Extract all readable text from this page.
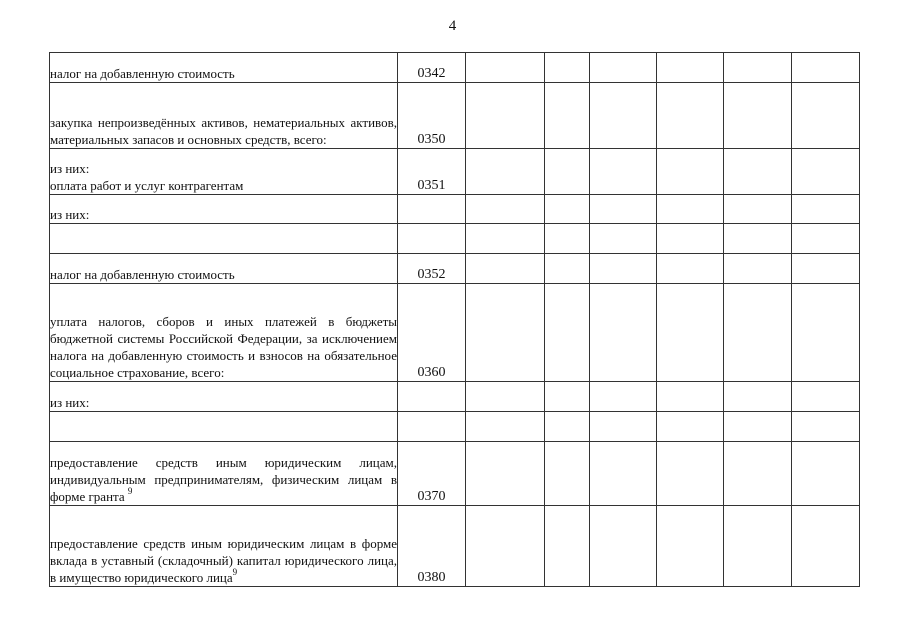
4
налог на добавленную стоимость	0342						

закупка непроизведённых активов, нематериальных активов, материальных запасов и основных средств, всего:	0350						

из них:
оплата работ и услуг контрагентам	0351						

из них:							

налог на добавленную стоимость	0352						

уплата налогов, сборов и иных платежей в бюджеты бюджетной системы Российской Федерации, за исключением налога на добавленную стоимость и взносов на обязательное социальное страхование, всего:	0360						

из них:							

предоставление средств иным юридическим лицам, индивидуальным предпринимателям, физическим лицам в форме гранта $^9$	0370						
предоставление средств иным юридическим лицам в форме вклада в уставный (складочный) капитал юридического лица, в имущество юридического лица$^9$	0380						
